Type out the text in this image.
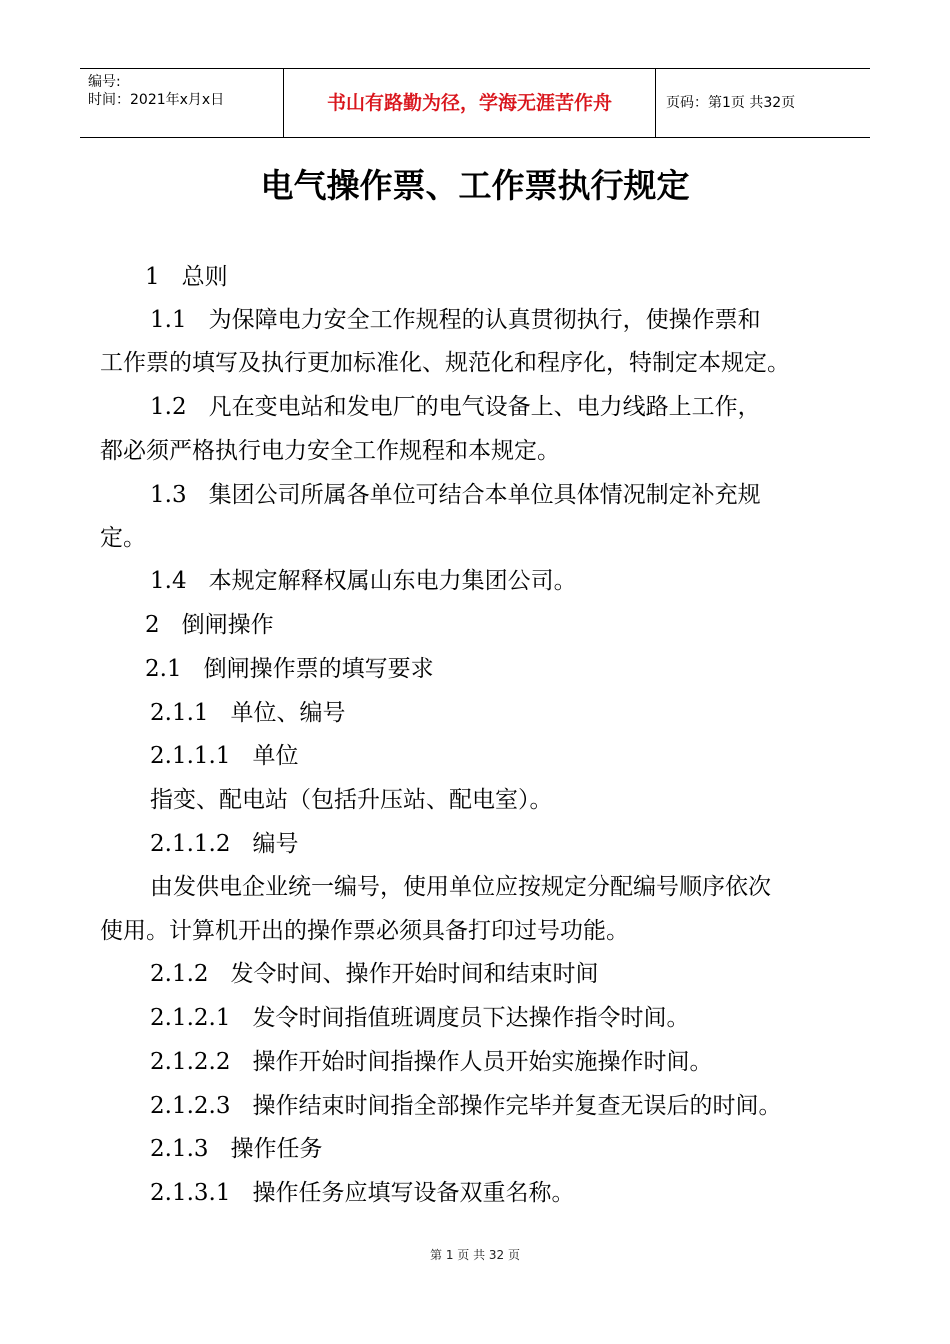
编号:
时间：2021年x月x日	书山有路勤为径，学海无涯苦作舟	页码：第1页 共32页
电气操作票、工作票执行规定
1 总则
1.1 为保障电力安全工作规程的认真贯彻执行，使操作票和
工作票的填写及执行更加标准化、规范化和程序化，特制定本规定。
1.2 凡在变电站和发电厂的电气设备上、电力线路上工作，
都必须严格执行电力安全工作规程和本规定。
1.3 集团公司所属各单位可结合本单位具体情况制定补充规
定。
1.4 本规定解释权属山东电力集团公司。
2 倒闸操作
2.1 倒闸操作票的填写要求
2.1.1 单位、编号
2.1.1.1 单位
指变、配电站（包括升压站、配电室）。
2.1.1.2 编号
由发供电企业统一编号，使用单位应按规定分配编号顺序依次
使用。计算机开出的操作票必须具备打印过号功能。
2.1.2 发令时间、操作开始时间和结束时间
2.1.2.1 发令时间指值班调度员下达操作指令时间。
2.1.2.2 操作开始时间指操作人员开始实施操作时间。
2.1.2.3 操作结束时间指全部操作完毕并复查无误后的时间。
2.1.3 操作任务
2.1.3.1 操作任务应填写设备双重名称。
第 1 页 共 32 页
